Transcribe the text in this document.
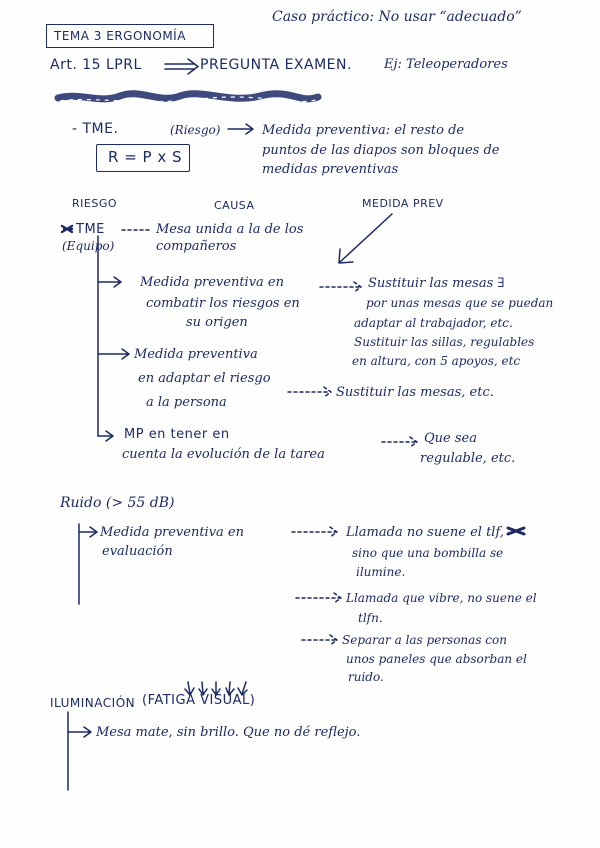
TEMA 3 ERGONOMÍA
Caso práctico: No usar “adecuado”
Art. 15 LPRL	PREGUNTA EXAMEN. Ej: Teleoperadores
- TME.	(Riesgo)	Medida preventiva: el resto de
puntos de las diapos son bloques de
medidas preventivas
R = P x S
RIESGO	CAUSA	MEDIDA PREV
TME
(Equipo)
Mesa unida a la de los
compañeros
Medida preventiva en
combatir los riesgos en
su origen
Sustituir las mesas ∃
por unas mesas que se puedan
adaptar al trabajador, etc.
Sustituir las sillas, regulables
en altura, con 5 apoyos, etc
Medida preventiva
en adaptar el riesgo
a la persona
Sustituir las mesas, etc.
MP en tener en
cuenta la evolución de la tarea
Que sea
regulable, etc.
Ruido (> 55 dB)
Medida preventiva en
evaluación
Llamada no suene el tlf,
sino que una bombilla se
ilumine.
Llamada que vibre, no suene el
tlfn.
Separar a las personas con
unos paneles que absorban el
ruido.
ILUMINACIÓN (FATIGA VISUAL)
Mesa mate, sin brillo. Que no dé reflejo.
